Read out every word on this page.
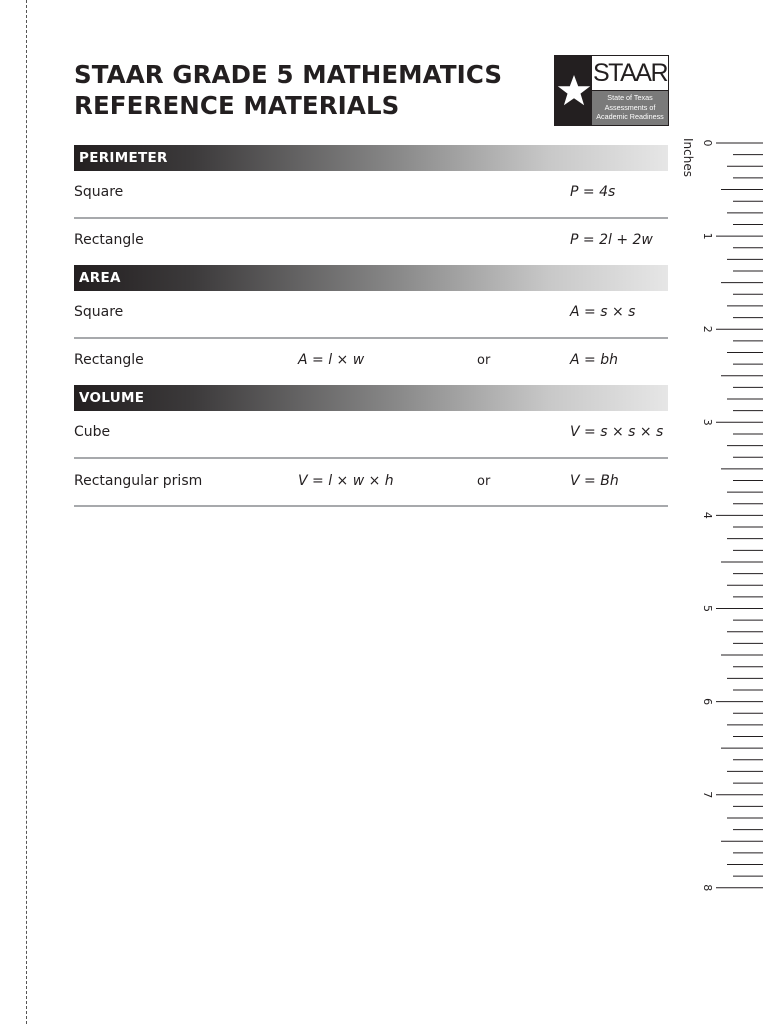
STAAR GRADE 5 MATHEMATICS
REFERENCE MATERIALS
STAAR
State of Texas
Assessments of
Academic Readiness
PERIMETER
Square	P = 4s
Rectangle	P = 2l + 2w
AREA
Square	A = s × s
Rectangle	A = l × w	or	A = bh
VOLUME
Cube	V = s × s × s
Rectangular prism	V = l × w × h	or	V = Bh
Inches 0
1
2
3
4
5
6
7
8
